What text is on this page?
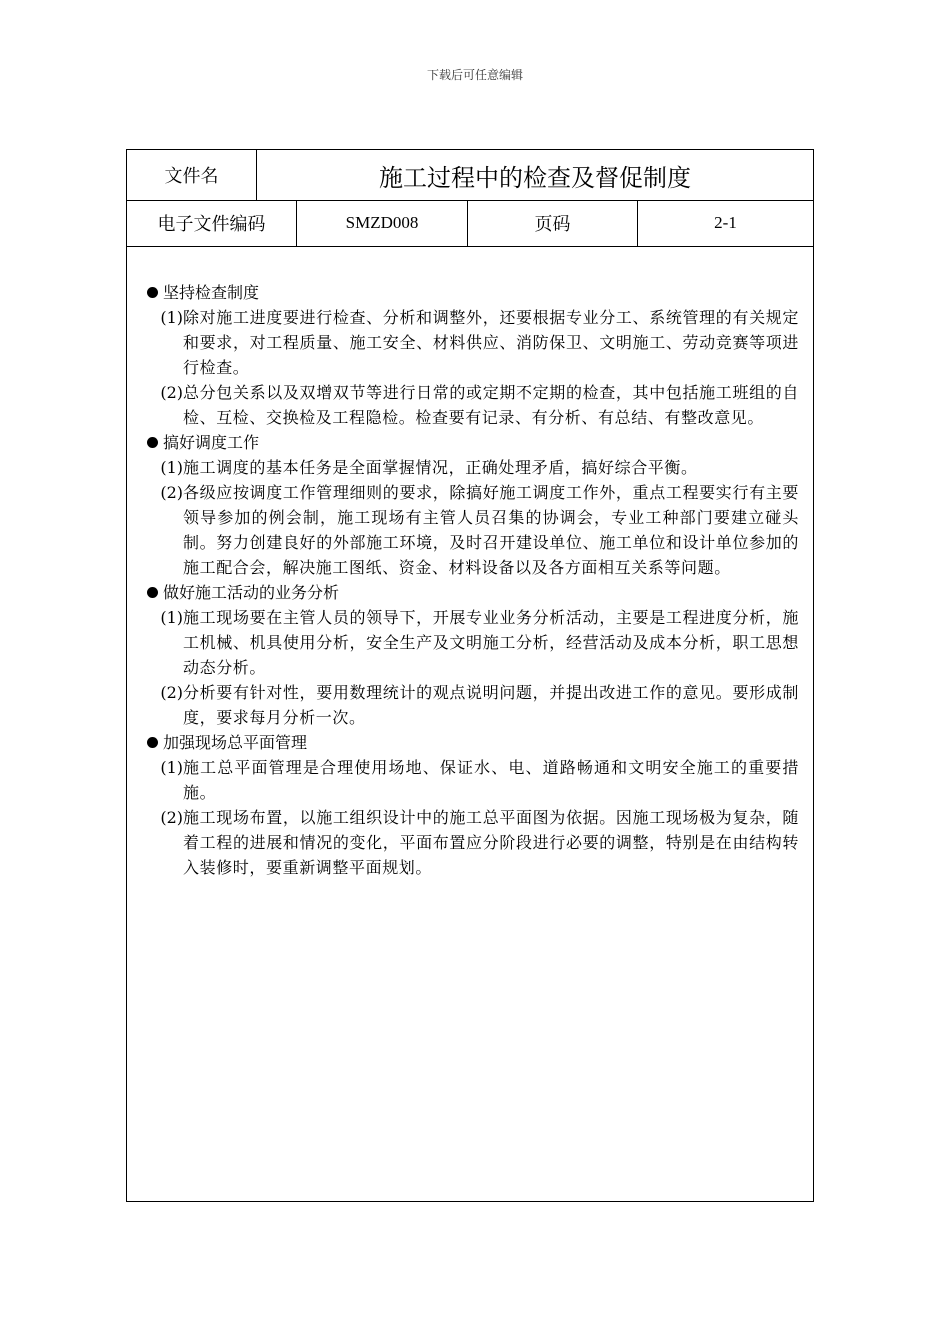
下载后可任意编辑
文件名	施工过程中的检查及督促制度
电子文件编码	SMZD008	页码	2-1
坚持检查制度
(1) 除对施工进度要进行检查、分析和调整外，还要根据专业分工、系统管理的有关规定和要求，对工程质量、施工安全、材料供应、消防保卫、文明施工、劳动竞赛等项进行检查。
(2) 总分包关系以及双增双节等进行日常的或定期不定期的检查，其中包括施工班组的自检、互检、交换检及工程隐检。检查要有记录、有分析、有总结、有整改意见。
搞好调度工作
(1) 施工调度的基本任务是全面掌握情况，正确处理矛盾，搞好综合平衡。
(2) 各级应按调度工作管理细则的要求，除搞好施工调度工作外，重点工程要实行有主要领导参加的例会制，施工现场有主管人员召集的协调会，专业工种部门要建立碰头制。努力创建良好的外部施工环境，及时召开建设单位、施工单位和设计单位参加的施工配合会，解决施工图纸、资金、材料设备以及各方面相互关系等问题。
做好施工活动的业务分析
(1) 施工现场要在主管人员的领导下，开展专业业务分析活动，主要是工程进度分析，施工机械、机具使用分析，安全生产及文明施工分析，经营活动及成本分析，职工思想动态分析。
(2) 分析要有针对性，要用数理统计的观点说明问题，并提出改进工作的意见。要形成制度，要求每月分析一次。
加强现场总平面管理
(1) 施工总平面管理是合理使用场地、保证水、电、道路畅通和文明安全施工的重要措施。
(2) 施工现场布置，以施工组织设计中的施工总平面图为依据。因施工现场极为复杂，随着工程的进展和情况的变化，平面布置应分阶段进行必要的调整，特别是在由结构转入装修时，要重新调整平面规划。
